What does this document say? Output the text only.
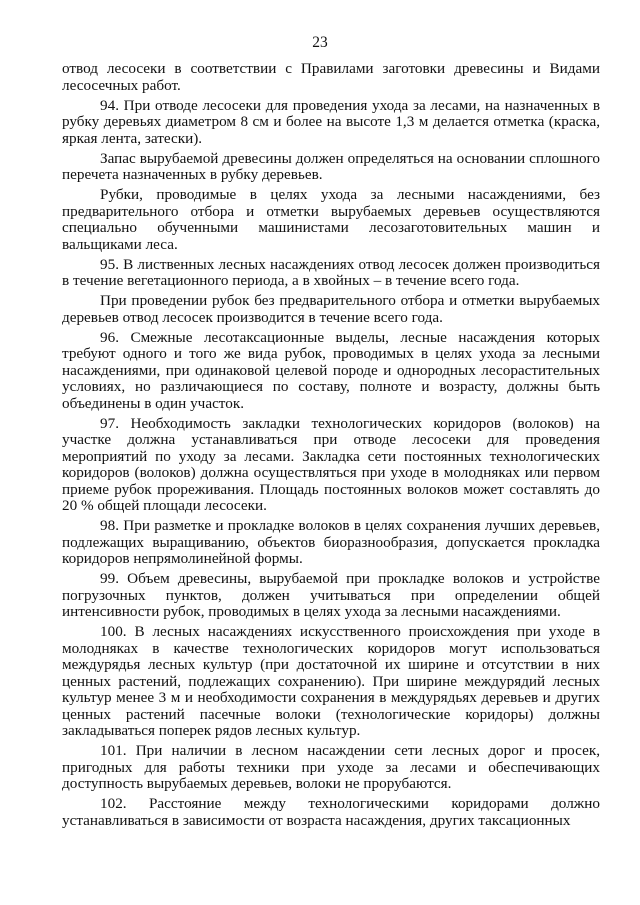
23

отвод лесосеки в соответствии с Правилами заготовки древесины и Видами лесосечных работ.

94. При отводе лесосеки для проведения ухода за лесами, на назначенных в рубку деревьях диаметром 8 см и более на высоте 1,3 м делается отметка (краска, яркая лента, затески).

Запас вырубаемой древесины должен определяться на основании сплошного перечета назначенных в рубку деревьев.

Рубки, проводимые в целях ухода за лесными насаждениями, без предварительного отбора и отметки вырубаемых деревьев осуществляются специально обученными машинистами лесозаготовительных машин и вальщиками леса.

95. В лиственных лесных насаждениях отвод лесосек должен производиться в течение вегетационного периода, а в хвойных – в течение всего года.

При проведении рубок без предварительного отбора и отметки вырубаемых деревьев отвод лесосек производится в течение всего года.

96. Смежные лесотаксационные выделы, лесные насаждения которых требуют одного и того же вида рубок, проводимых в целях ухода за лесными насаждениями, при одинаковой целевой породе и однородных лесорастительных условиях, но различающиеся по составу, полноте и возрасту, должны быть объединены в один участок.

97. Необходимость закладки технологических коридоров (волоков) на участке должна устанавливаться при отводе лесосеки для проведения мероприятий по уходу за лесами. Закладка сети постоянных технологических коридоров (волоков) должна осуществляться при уходе в молодняках или первом приеме рубок прореживания. Площадь постоянных волоков может составлять до 20 % общей площади лесосеки.

98. При разметке и прокладке волоков в целях сохранения лучших деревьев, подлежащих выращиванию, объектов биоразнообразия, допускается прокладка коридоров непрямолинейной формы.

99. Объем древесины, вырубаемой при прокладке волоков и устройстве погрузочных пунктов, должен учитываться при определении общей интенсивности рубок, проводимых в целях ухода за лесными насаждениями.

100. В лесных насаждениях искусственного происхождения при уходе в молодняках в качестве технологических коридоров могут использоваться междурядья лесных культур (при достаточной их ширине и отсутствии в них ценных растений, подлежащих сохранению). При ширине междурядий лесных культур менее 3 м и необходимости сохранения в междурядьях деревьев и других ценных растений пасечные волоки (технологические коридоры) должны закладываться поперек рядов лесных культур.

101. При наличии в лесном насаждении сети лесных дорог и просек, пригодных для работы техники при уходе за лесами и обеспечивающих доступность вырубаемых деревьев, волоки не прорубаются.

102. Расстояние между технологическими коридорами должно устанавливаться в зависимости от возраста насаждения, других таксационных
